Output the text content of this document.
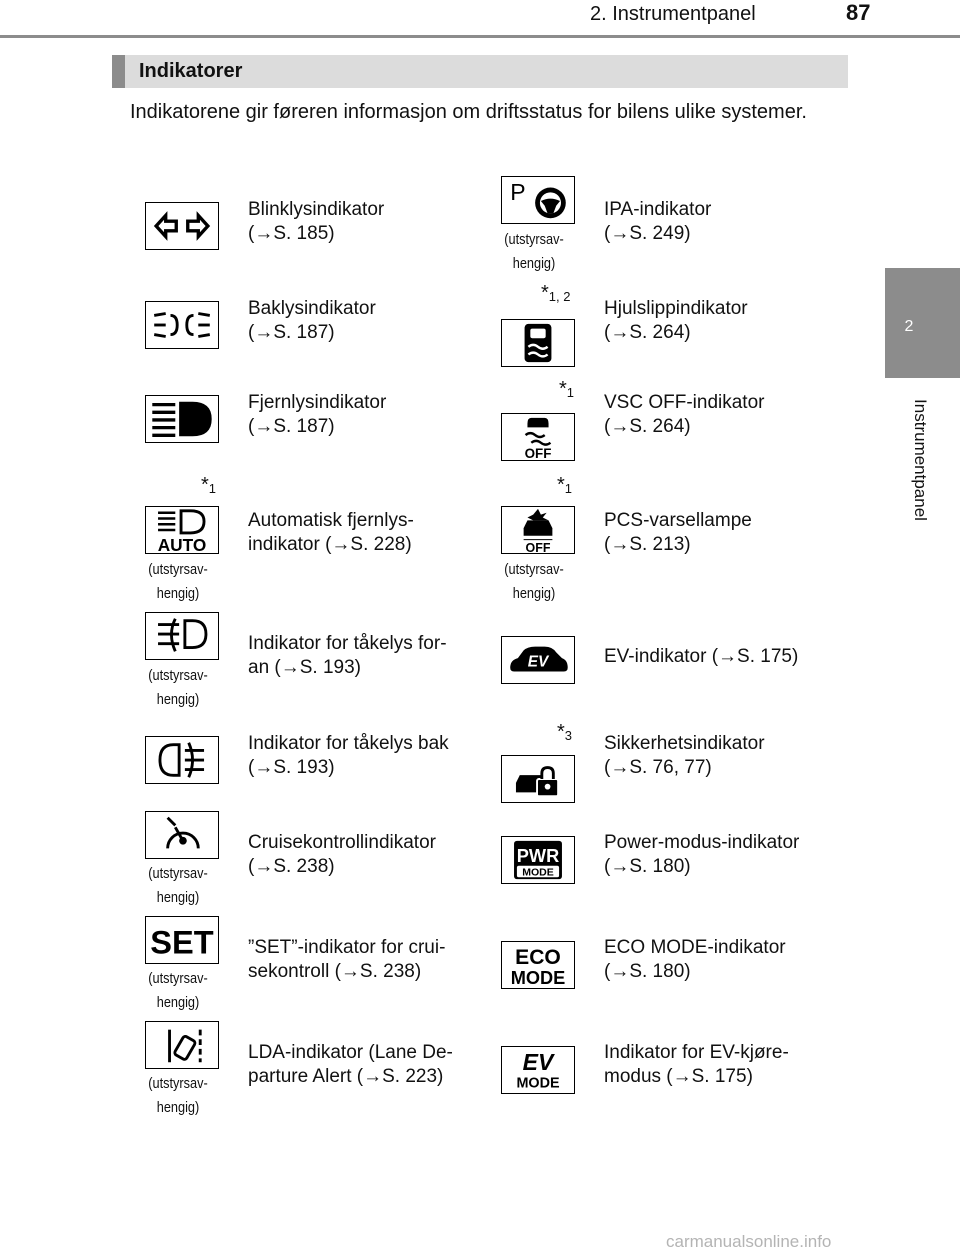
2. Instrumentpanel	87
2
Instrumentpanel
Indikatorer
Indikatorene gir føreren informasjon om driftsstatus for bilens ulike systemer.
Blinklysindikator
(→S. 185)
Baklysindikator
(→S. 187)
Fjernlysindikator
(→S. 187)
$*_1$
AUTO
(utstyrsav-
hengig)
Automatisk fjernlys-
indikator (→S. 228)
(utstyrsav-
hengig)
Indikator for tåkelys for-
an (→S. 193)
Indikator for tåkelys bak
(→S. 193)
(utstyrsav-
hengig)
Cruisekontrollindikator
(→S. 238)
SET
(utstyrsav-
hengig)
”SET”-indikator for crui-
sekontroll (→S. 238)
(utstyrsav-
hengig)
LDA-indikator (Lane De-
parture Alert (→S. 223)
P
(utstyrsav-
hengig)
IPA-indikator
(→S. 249)
$*_{1, 2}$
Hjulslippindikator
(→S. 264)
$*_1$
OFF
VSC OFF-indikator
(→S. 264)
$*_1$
OFF
(utstyrsav-
hengig)
PCS-varsellampe
(→S. 213)
EV	EV-indikator (→S. 175)
$*_3$ Sikkerhetsindikator
(→S. 76, 77)
PWR
MODE
Power-modus-indikator
(→S. 180)
ECO
MODE
ECO MODE-indikator
(→S. 180)
EV
MODE
Indikator for EV-kjøre-
modus (→S. 175)
carmanualsonline.info
